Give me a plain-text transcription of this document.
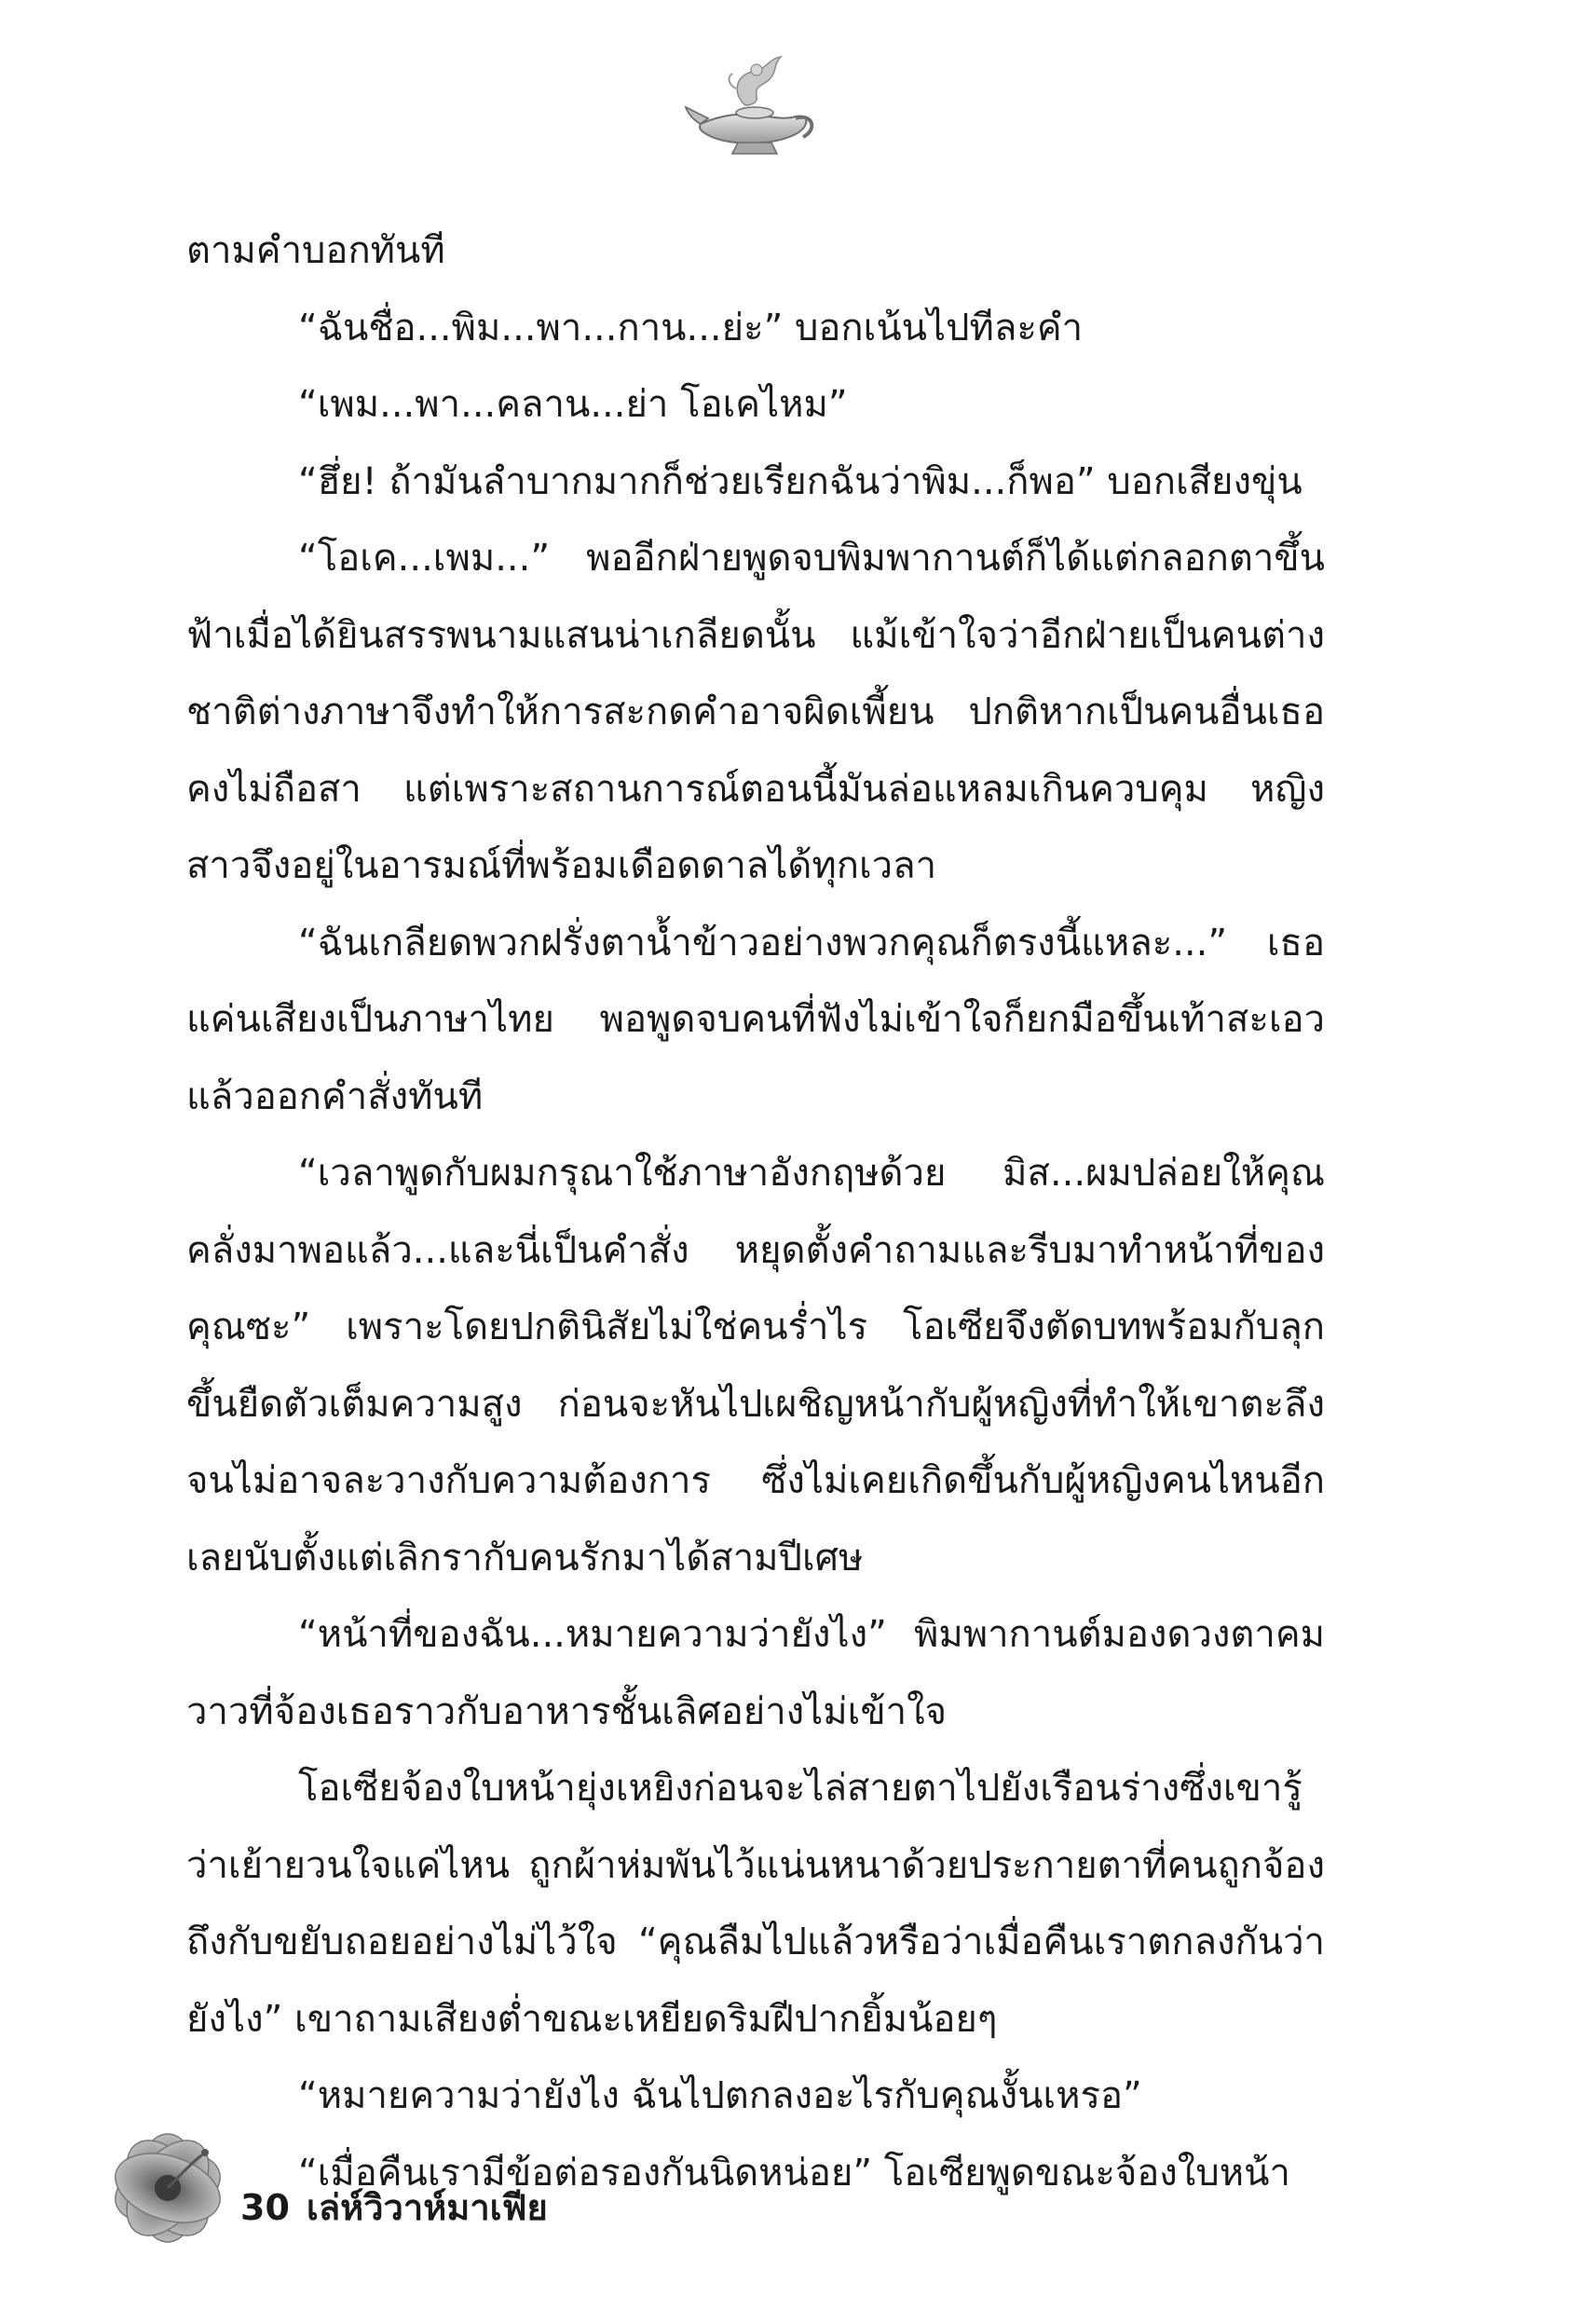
ตามคำบอกทันที

“ฉันชื่อ...พิม...พา...กาน...ย่ะ” บอกเน้นไปทีละคำ

“เพม...พา...คลาน...ย่า โอเคไหม”

“ฮึ่ย! ถ้ามันลำบากมากก็ช่วยเรียกฉันว่าพิม...ก็พอ” บอกเสียงขุ่น

“โอเค...เพม...” พออีกฝ่ายพูดจบพิมพากานต์ก็ได้แต่กลอกตาขึ้นฟ้าเมื่อได้ยินสรรพนามแสนน่าเกลียดนั้น แม้เข้าใจว่าอีกฝ่ายเป็นคนต่างชาติต่างภาษาจึงทำให้การสะกดคำอาจผิดเพี้ยน ปกติหากเป็นคนอื่นเธอคงไม่ถือสา แต่เพราะสถานการณ์ตอนนี้มันล่อแหลมเกินควบคุม หญิงสาวจึงอยู่ในอารมณ์ที่พร้อมเดือดดาลได้ทุกเวลา

“ฉันเกลียดพวกฝรั่งตาน้ำข้าวอย่างพวกคุณก็ตรงนี้แหละ...” เธอแค่นเสียงเป็นภาษาไทย พอพูดจบคนที่ฟังไม่เข้าใจก็ยกมือขึ้นเท้าสะเอวแล้วออกคำสั่งทันที

“เวลาพูดกับผมกรุณาใช้ภาษาอังกฤษด้วย มิส...ผมปล่อยให้คุณคลั่งมาพอแล้ว...และนี่เป็นคำสั่ง หยุดตั้งคำถามและรีบมาทำหน้าที่ของคุณซะ” เพราะโดยปกตินิสัยไม่ใช่คนร่ำไร โอเซียจึงตัดบทพร้อมกับลุกขึ้นยืดตัวเต็มความสูง ก่อนจะหันไปเผชิญหน้ากับผู้หญิงที่ทำให้เขาตะลึงจนไม่อาจละวางกับความต้องการ ซึ่งไม่เคยเกิดขึ้นกับผู้หญิงคนไหนอีกเลยนับตั้งแต่เลิกรากับคนรักมาได้สามปีเศษ

“หน้าที่ของฉัน...หมายความว่ายังไง” พิมพากานต์มองดวงตาคมวาวที่จ้องเธอราวกับอาหารชั้นเลิศอย่างไม่เข้าใจ

โอเซียจ้องใบหน้ายุ่งเหยิงก่อนจะไล่สายตาไปยังเรือนร่างซึ่งเขารู้ว่าเย้ายวนใจแค่ไหน ถูกผ้าห่มพันไว้แน่นหนาด้วยประกายตาที่คนถูกจ้องถึงกับขยับถอยอย่างไม่ไว้ใจ “คุณลืมไปแล้วหรือว่าเมื่อคืนเราตกลงกันว่ายังไง” เขาถามเสียงต่ำขณะเหยียดริมฝีปากยิ้มน้อยๆ

“หมายความว่ายังไง ฉันไปตกลงอะไรกับคุณงั้นเหรอ”

“เมื่อคืนเรามีข้อต่อรองกันนิดหน่อย” โอเซียพูดขณะจ้องใบหน้า

30 เล่ห์วิวาห์มาเฟีย
